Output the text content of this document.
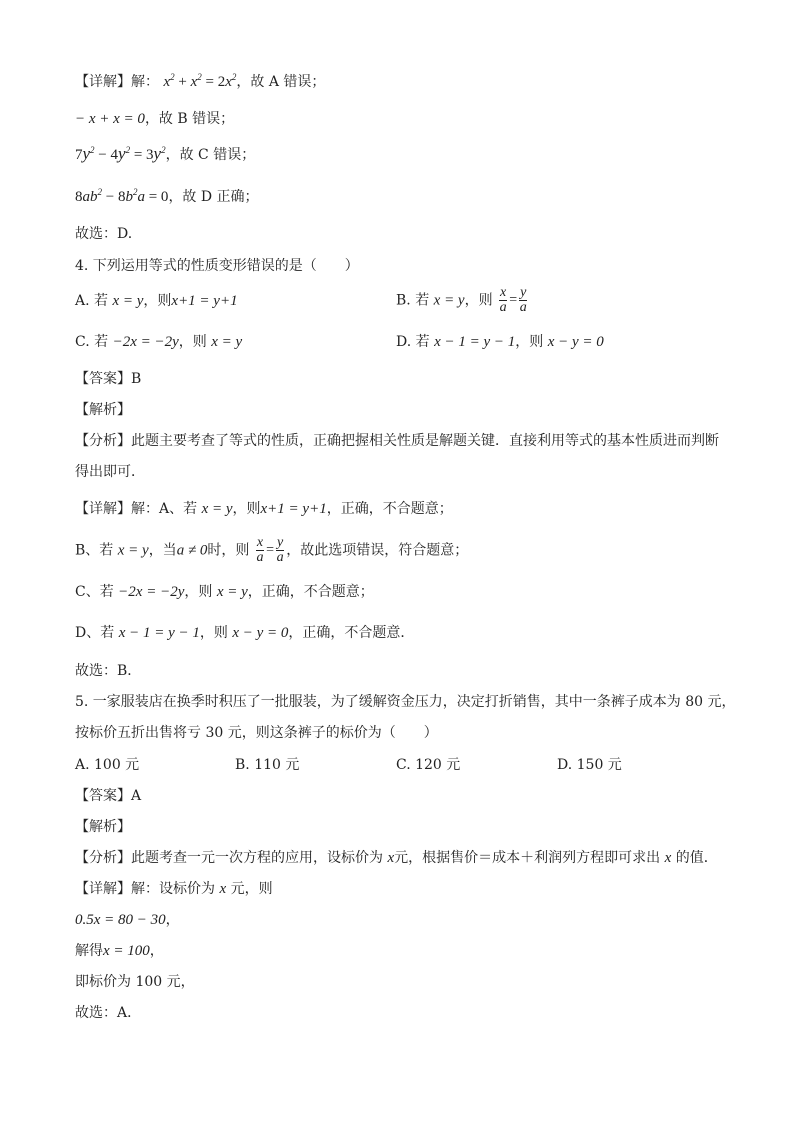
【详解】解： $x^2 + x^2 = 2x^2$，故 A 错误；
− x + x = 0，故 B 错误；
$7y^2 - 4y^2 = 3y^2$，故 C 错误；
$8ab^2 - 8b^2a = 0$，故 D 正确；
故选：D.
4. 下列运用等式的性质变形错误的是（　　）
A. 若 x = y，则x+1 = y+1	B. 若 x = y，则 $\frac{x}{a} = \frac{y}{a}$
C. 若 −2x = −2y，则 x = y	D. 若 x − 1 = y − 1，则 x − y = 0
【答案】B
【解析】
【分析】此题主要考查了等式的性质，正确把握相关性质是解题关键．直接利用等式的基本性质进而判断
得出即可．
【详解】解：A、若 x = y，则x+1 = y+1，正确，不合题意；
B、若 x = y，当a ≠ 0时，则 $\frac{x}{a} = \frac{y}{a}$ ，故此选项错误，符合题意；
C、若 −2x = −2y，则 x = y，正确，不合题意；
D、若 x − 1 = y − 1，则 x − y = 0，正确，不合题意．
故选：B．
5. 一家服装店在换季时积压了一批服装，为了缓解资金压力，决定打折销售，其中一条裤子成本为 80 元，
按标价五折出售将亏 30 元，则这条裤子的标价为（　　）
A. 100 元	B. 110 元	C. 120 元	D. 150 元
【答案】A
【解析】
【分析】此题考查一元一次方程的应用，设标价为 x元，根据售价＝成本＋利润列方程即可求出 x 的值．
【详解】解：设标价为 x 元，则
0.5x = 80 − 30，
解得x = 100，
即标价为 100 元，
故选：A．
